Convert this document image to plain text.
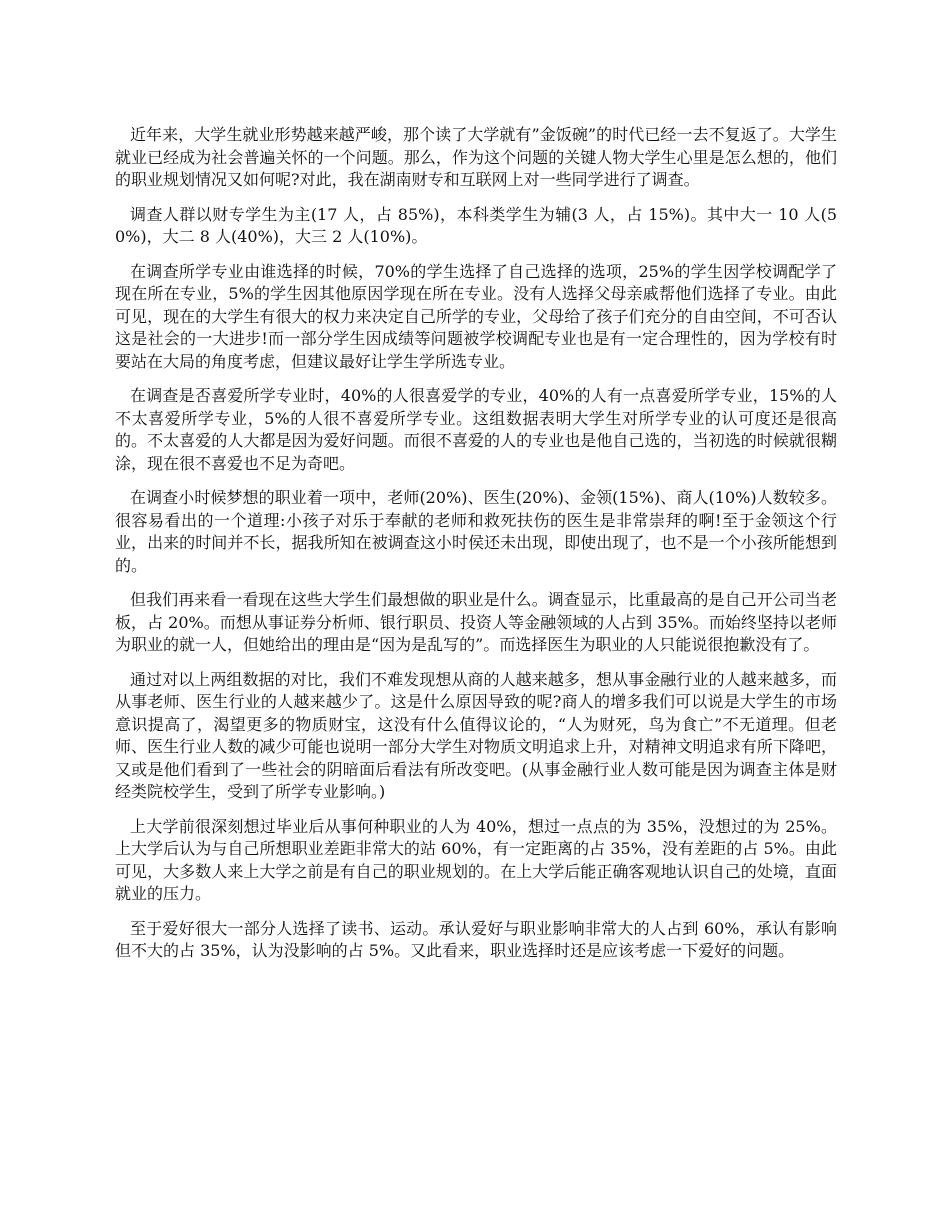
近年来，大学生就业形势越来越严峻，那个读了大学就有”金饭碗”的时代已经一去不复返了。大学生就业已经成为社会普遍关怀的一个问题。那么，作为这个问题的关键人物大学生心里是怎么想的，他们的职业规划情况又如何呢?对此，我在湖南财专和互联网上对一些同学进行了调查。

调查人群以财专学生为主(17 人，占 85%)，本科类学生为辅(3 人，占 15%)。其中大一 10 人(50%)，大二 8 人(40%)，大三 2 人(10%)。

在调查所学专业由谁选择的时候，70%的学生选择了自己选择的选项，25%的学生因学校调配学了现在所在专业，5%的学生因其他原因学现在所在专业。没有人选择父母亲戚帮他们选择了专业。由此可见，现在的大学生有很大的权力来决定自己所学的专业，父母给了孩子们充分的自由空间，不可否认这是社会的一大进步!而一部分学生因成绩等问题被学校调配专业也是有一定合理性的，因为学校有时要站在大局的角度考虑，但建议最好让学生学所选专业。

在调查是否喜爱所学专业时，40%的人很喜爱学的专业，40%的人有一点喜爱所学专业，15%的人不太喜爱所学专业，5%的人很不喜爱所学专业。这组数据表明大学生对所学专业的认可度还是很高的。不太喜爱的人大都是因为爱好问题。而很不喜爱的人的专业也是他自己选的，当初选的时候就很糊涂，现在很不喜爱也不足为奇吧。

在调查小时候梦想的职业着一项中，老师(20%)、医生(20%)、金领(15%)、商人(10%)人数较多。很容易看出的一个道理:小孩子对乐于奉献的老师和救死扶伤的医生是非常崇拜的啊!至于金领这个行业，出来的时间并不长，据我所知在被调查这小时侯还未出现，即使出现了，也不是一个小孩所能想到的。

但我们再来看一看现在这些大学生们最想做的职业是什么。调查显示，比重最高的是自己开公司当老板，占 20%。而想从事证券分析师、银行职员、投资人等金融领域的人占到 35%。而始终坚持以老师为职业的就一人，但她给出的理由是“因为是乱写的”。而选择医生为职业的人只能说很抱歉没有了。

通过对以上两组数据的对比，我们不难发现想从商的人越来越多，想从事金融行业的人越来越多，而从事老师、医生行业的人越来越少了。这是什么原因导致的呢?商人的增多我们可以说是大学生的市场意识提高了，渴望更多的物质财宝，这没有什么值得议论的，“人为财死，鸟为食亡”不无道理。但老师、医生行业人数的减少可能也说明一部分大学生对物质文明追求上升，对精神文明追求有所下降吧，又或是他们看到了一些社会的阴暗面后看法有所改变吧。(从事金融行业人数可能是因为调查主体是财经类院校学生，受到了所学专业影响。)

上大学前很深刻想过毕业后从事何种职业的人为 40%，想过一点点的为 35%，没想过的为 25%。上大学后认为与自己所想职业差距非常大的站 60%，有一定距离的占 35%，没有差距的占 5%。由此可见，大多数人来上大学之前是有自己的职业规划的。在上大学后能正确客观地认识自己的处境，直面就业的压力。

至于爱好很大一部分人选择了读书、运动。承认爱好与职业影响非常大的人占到 60%，承认有影响但不大的占 35%，认为没影响的占 5%。又此看来，职业选择时还是应该考虑一下爱好的问题。
